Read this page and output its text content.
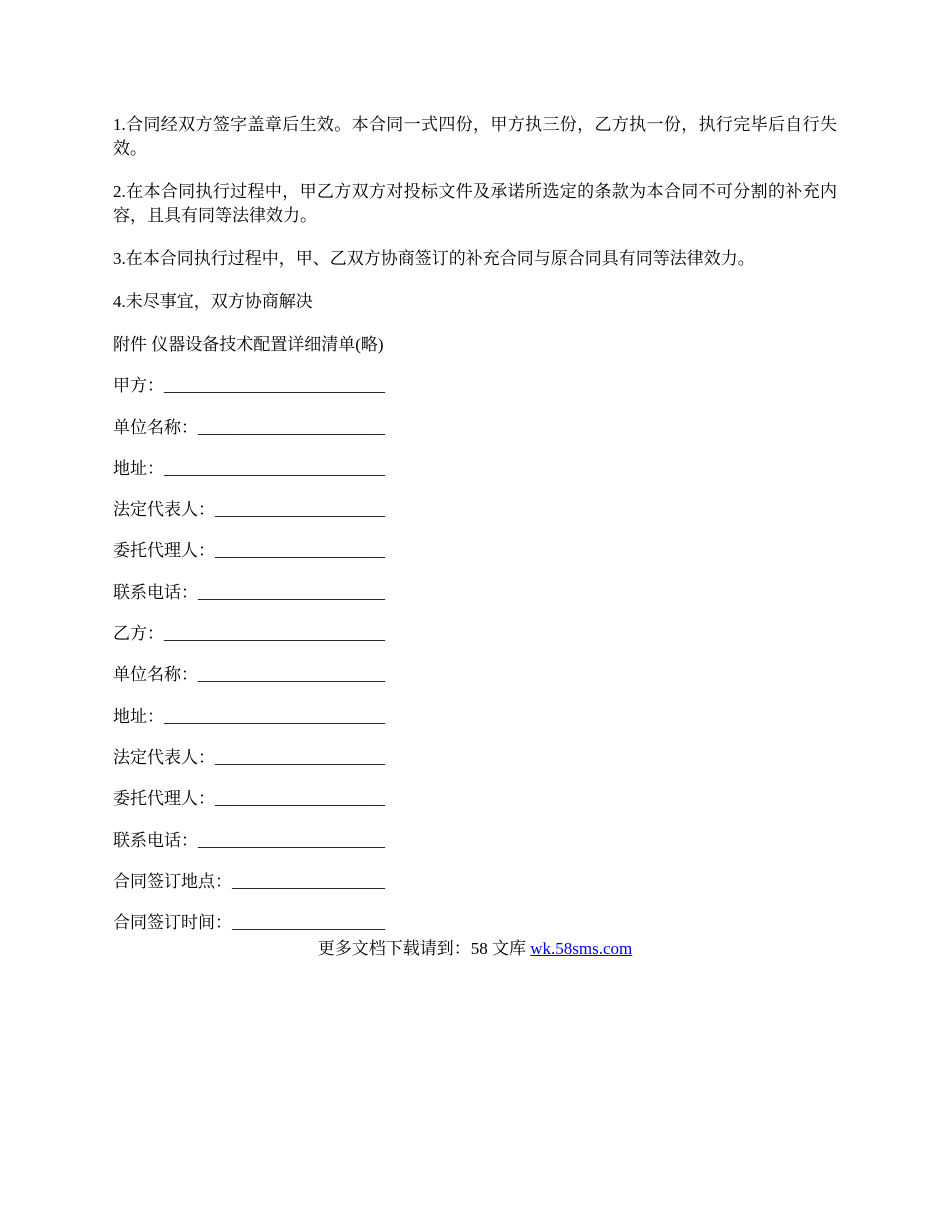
1.合同经双方签字盖章后生效。本合同一式四份，甲方执三份，乙方执一份，执行完毕后自行失效。

2.在本合同执行过程中，甲乙方双方对投标文件及承诺所选定的条款为本合同不可分割的补充内容，且具有同等法律效力。

3.在本合同执行过程中，甲、乙双方协商签订的补充合同与原合同具有同等法律效力。

4.未尽事宜，双方协商解决

附件 仪器设备技术配置详细清单(略)
甲方：__________________________
单位名称：______________________
地址：__________________________
法定代表人：____________________
委托代理人：____________________
联系电话：______________________
乙方：__________________________
单位名称：______________________
地址：__________________________
法定代表人：____________________
委托代理人：____________________
联系电话：______________________
合同签订地点：__________________
合同签订时间：__________________
更多文档下载请到：58 文库 wk.58sms.com
